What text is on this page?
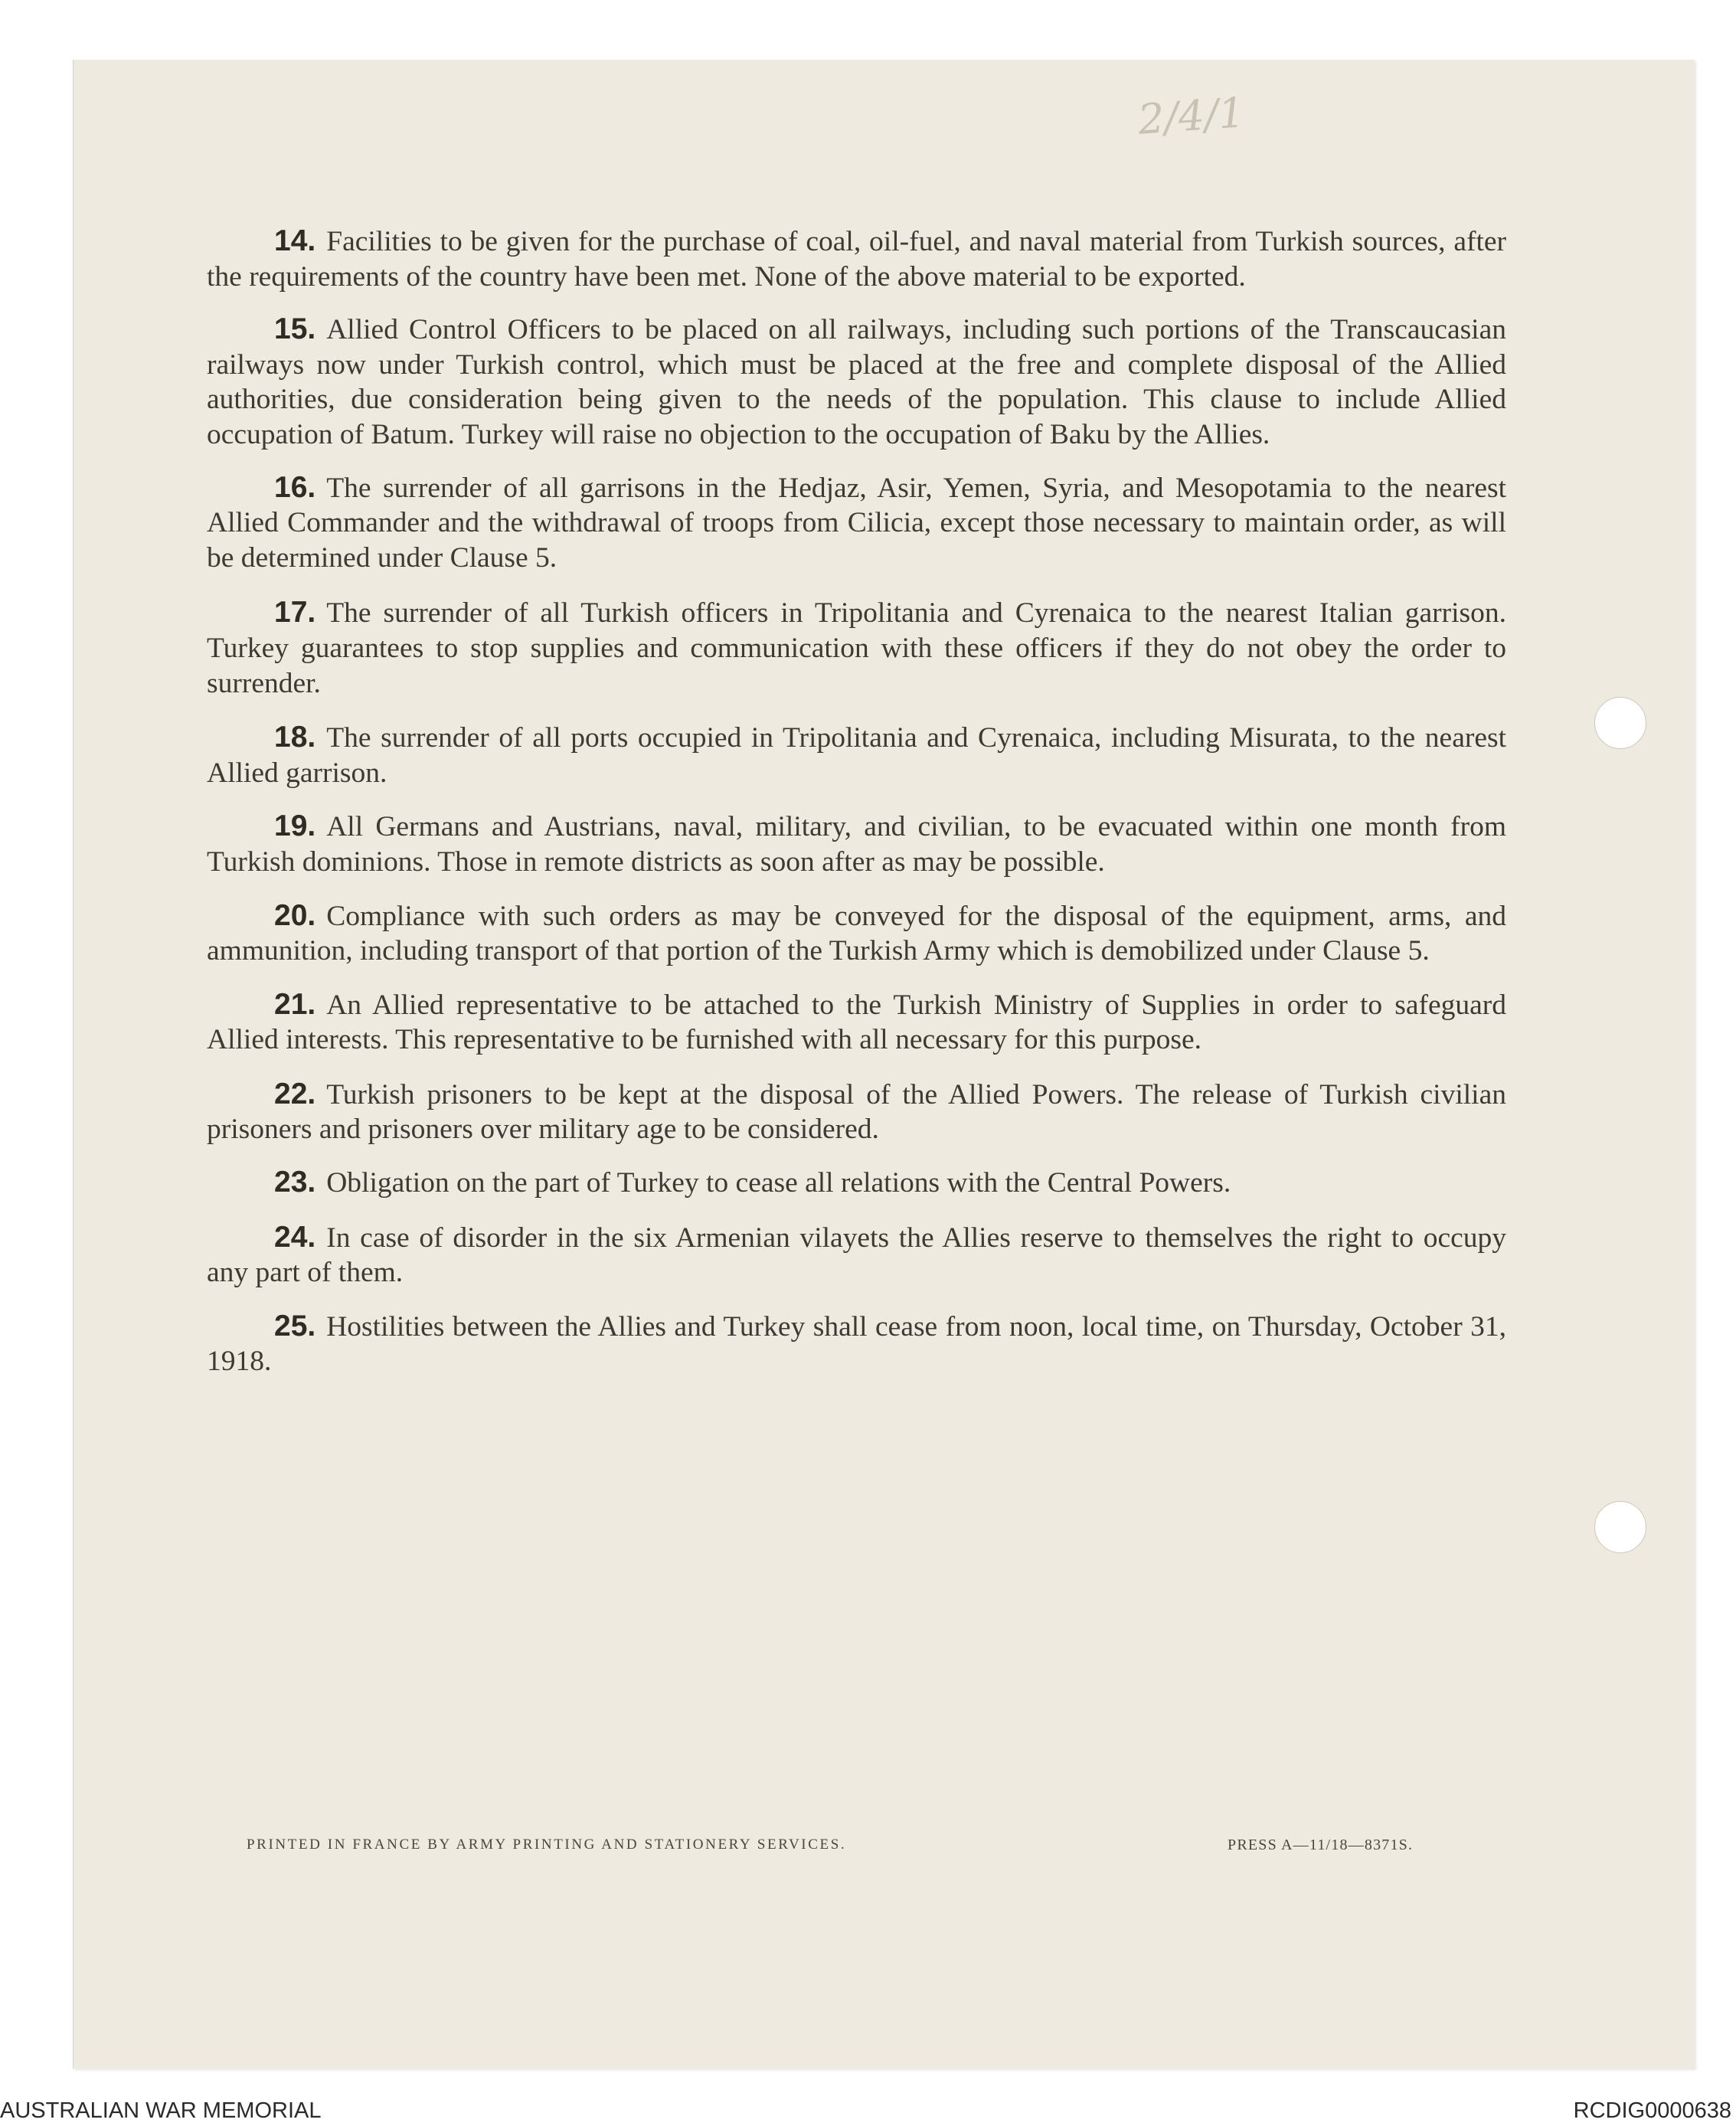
2/4/1

14. Facilities to be given for the purchase of coal, oil-fuel, and naval material from Turkish sources, after the requirements of the country have been met. None of the above material to be exported.

15. Allied Control Officers to be placed on all railways, including such portions of the Transcaucasian railways now under Turkish control, which must be placed at the free and complete disposal of the Allied authorities, due consideration being given to the needs of the population. This clause to include Allied occupation of Batum. Turkey will raise no objection to the occupation of Baku by the Allies.

16. The surrender of all garrisons in the Hedjaz, Asir, Yemen, Syria, and Mesopotamia to the nearest Allied Commander and the withdrawal of troops from Cilicia, except those necessary to maintain order, as will be determined under Clause 5.

17. The surrender of all Turkish officers in Tripolitania and Cyrenaica to the nearest Italian garrison. Turkey guarantees to stop supplies and communication with these officers if they do not obey the order to surrender.

18. The surrender of all ports occupied in Tripolitania and Cyrenaica, including Misurata, to the nearest Allied garrison.

19. All Germans and Austrians, naval, military, and civilian, to be evacuated within one month from Turkish dominions. Those in remote districts as soon after as may be possible.

20. Compliance with such orders as may be conveyed for the disposal of the equipment, arms, and ammunition, including transport of that portion of the Turkish Army which is demobilized under Clause 5.

21. An Allied representative to be attached to the Turkish Ministry of Supplies in order to safeguard Allied interests. This representative to be furnished with all necessary for this purpose.

22. Turkish prisoners to be kept at the disposal of the Allied Powers. The release of Turkish civilian prisoners and prisoners over military age to be considered.

23. Obligation on the part of Turkey to cease all relations with the Central Powers.

24. In case of disorder in the six Armenian vilayets the Allies reserve to themselves the right to occupy any part of them.

25. Hostilities between the Allies and Turkey shall cease from noon, local time, on Thursday, October 31, 1918.

PRINTED IN FRANCE BY ARMY PRINTING AND STATIONERY SERVICES.	PRESS A—11/18—8371S.
AUSTRALIAN WAR MEMORIAL	RCDIG0000638
